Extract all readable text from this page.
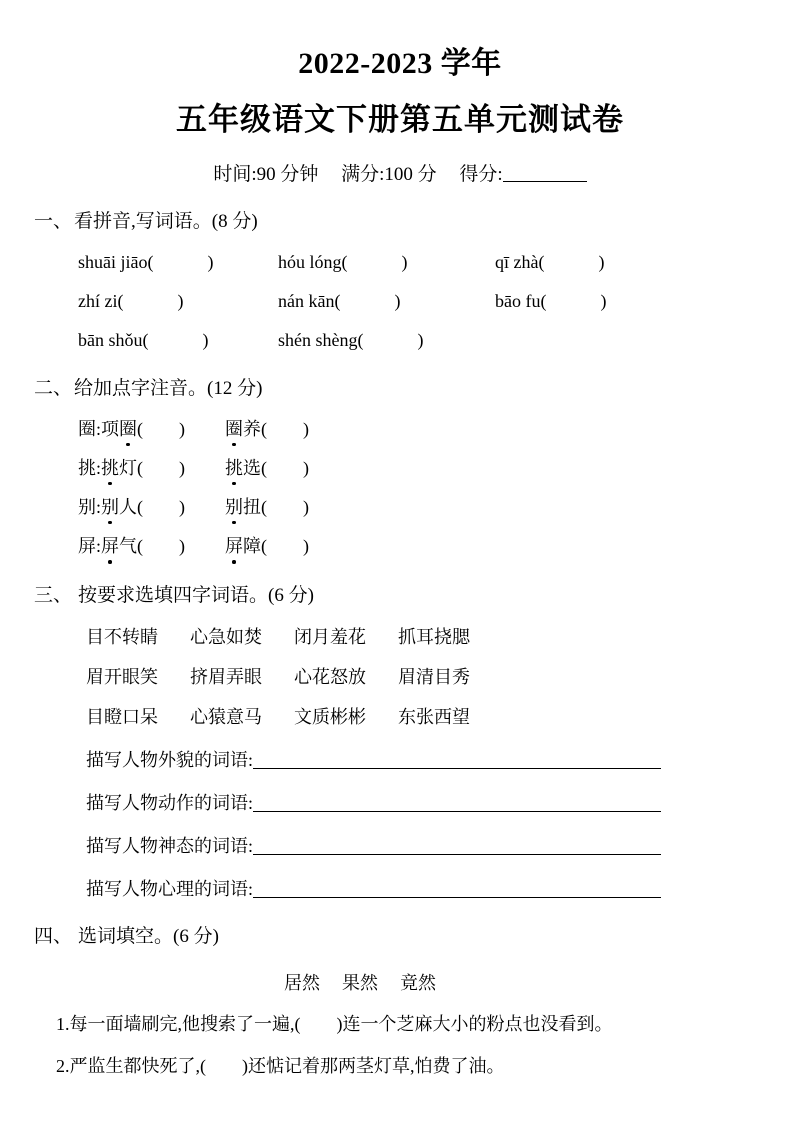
2022-2023 学年
五年级语文下册第五单元测试卷
时间:90 分钟 满分:100 分 得分:
一、 看拼音,写词语。(8 分)
shuāi jiāo(            )	hóu lóng(            )	qī zhà(            )
zhí zi(            )	nán kān(            )	bāo fu(            )
bān shǒu(            )	shén shèng(            )
二、 给加点字注音。(12 分)
圈:项圈(        ) 圈养(        )
挑:挑灯(        ) 挑选(        )
别:别人(        ) 别扭(        )
屏:屏气(        ) 屏障(        )
三、 按要求选填四字词语。(6 分)
目不转睛 心急如焚 闭月羞花 抓耳挠腮
眉开眼笑 挤眉弄眼 心花怒放 眉清目秀
目瞪口呆 心猿意马 文质彬彬 东张西望
描写人物外貌的词语:
描写人物动作的词语:
描写人物神态的词语:
描写人物心理的词语:
四、 选词填空。(6 分)
居然 果然 竟然
1.每一面墙刷完,他搜索了一遍,( )连一个芝麻大小的粉点也没看到。
2.严监生都快死了,( )还惦记着那两茎灯草,怕费了油。
